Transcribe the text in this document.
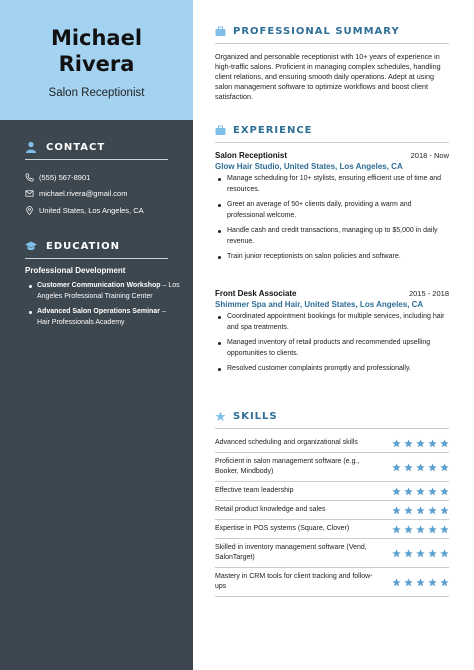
Michael
Rivera
Salon Receptionist
CONTACT
(555) 567-8901
michael.rivera@gmail.com
United States, Los Angeles, CA
EDUCATION
Professional Development
Customer Communication Workshop – Los Angeles Professional Training Center
Advanced Salon Operations Seminar – Hair Professionals Academy
PROFESSIONAL SUMMARY
Organized and personable receptionist with 10+ years of experience in high-traffic salons. Proficient in managing complex schedules, handling client relations, and ensuring smooth daily operations. Adept at using salon management software to optimize workflows and boost client satisfaction.
EXPERIENCE
Salon Receptionist	2018 - Now
Glow Hair Studio, United States, Los Angeles, CA
Manage scheduling for 10+ stylists, ensuring efficient use of time and resources.
Greet an average of 50+ clients daily, providing a warm and professional welcome.
Handle cash and credit transactions, managing up to $5,000 in daily revenue.
Train junior receptionists on salon policies and software.
Front Desk Associate	2015 - 2018
Shimmer Spa and Hair, United States, Los Angeles, CA
Coordinated appointment bookings for multiple services, including hair and spa treatments.
Managed inventory of retail products and recommended upselling opportunities to clients.
Resolved customer complaints promptly and professionally.
SKILLS
Advanced scheduling and organizational skills
Proficient in salon management software (e.g., Booker, Mindbody)
Effective team leadership
Retail product knowledge and sales
Expertise in POS systems (Square, Clover)
Skilled in inventory management software (Vend, SalonTarget)
Mastery in CRM tools for client tracking and follow-ups
